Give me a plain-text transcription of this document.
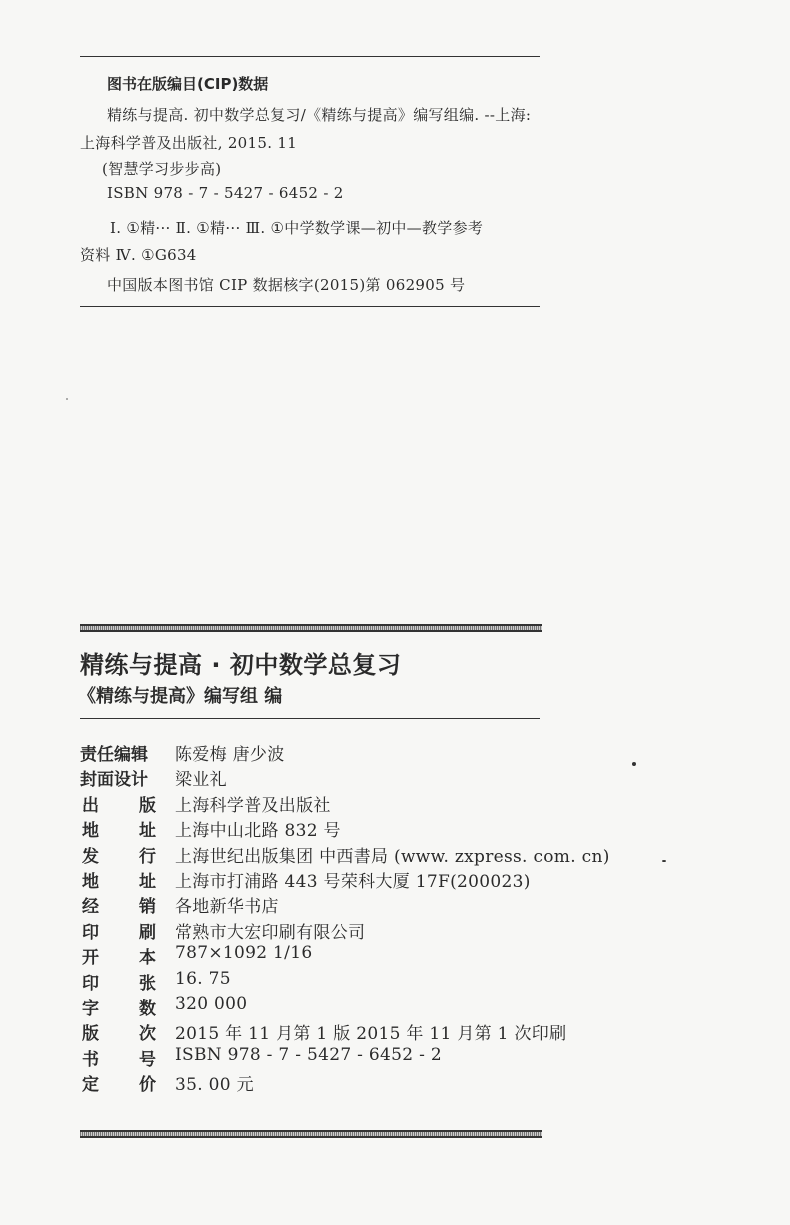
图书在版编目(CIP)数据
精练与提高. 初中数学总复习/《精练与提高》编写组编. --上海:
上海科学普及出版社, 2015. 11
(智慧学习步步高)
ISBN 978 - 7 - 5427 - 6452 - 2
Ⅰ. ①精··· Ⅱ. ①精··· Ⅲ. ①中学数学课—初中—教学参考
资料 Ⅳ. ①G634
中国版本图书馆 CIP 数据核字(2015)第 062905 号
精练与提高 · 初中数学总复习
《精练与提高》编写组 编
责任编辑	陈爱梅 唐少波
封面设计	梁业礼
出 版 上海科学普及出版社
地 址 上海中山北路 832 号
发 行 上海世纪出版集团 中西書局 (www. zxpress. com. cn)
地 址 上海市打浦路 443 号荣科大厦 17F(200023)
经 销 各地新华书店
印 刷 常熟市大宏印刷有限公司
开 本 787×1092 1/16
印 张 16. 75
字 数 320 000
版 次 2015 年 11 月第 1 版 2015 年 11 月第 1 次印刷
书 号 ISBN 978 - 7 - 5427 - 6452 - 2
定 价 35. 00 元
